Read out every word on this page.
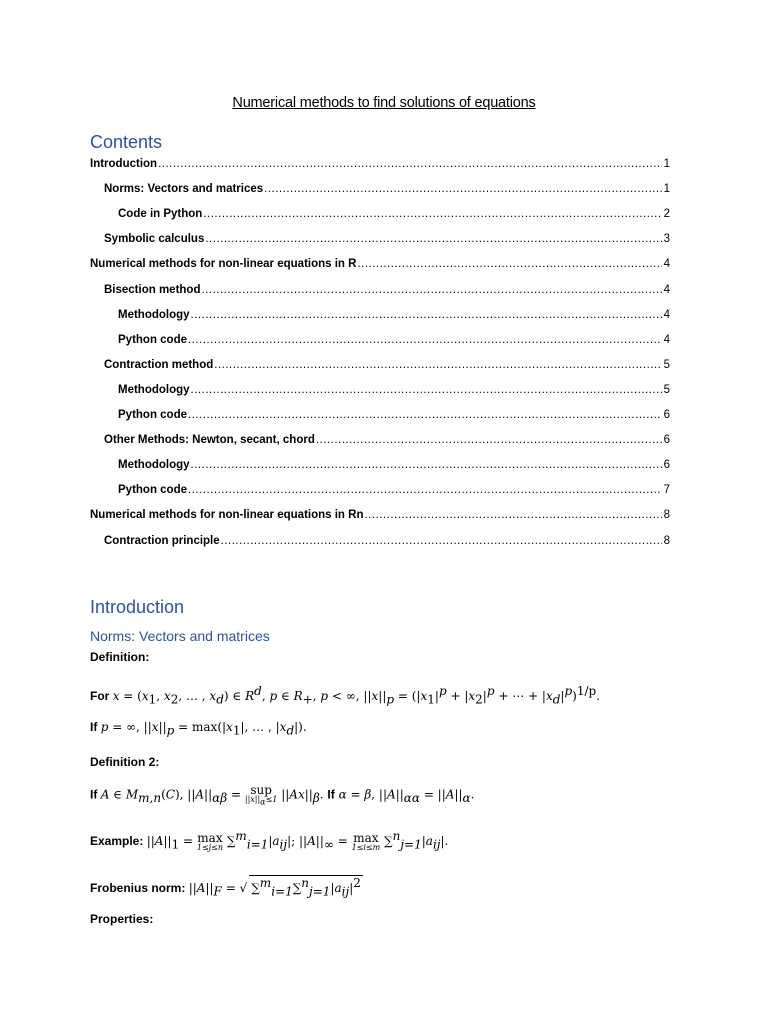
Numerical methods to find solutions of equations
Contents
Introduction .....	1
Norms: Vectors and matrices .....	1
Code in Python .....	2
Symbolic calculus .....	3
Numerical methods for non-linear equations in R .....	4
Bisection method .....	4
Methodology .....	4
Python code .....	4
Contraction method .....	5
Methodology .....	5
Python code .....	6
Other Methods: Newton, secant, chord .....	6
Methodology .....	6
Python code .....	7
Numerical methods for non-linear equations in Rn .....	8
Contraction principle .....	8
Introduction
Norms: Vectors and matrices
Definition:
For $x = (x_1$, $x_2$, … , $x_d$) ∈ $R^d$, p ∈ $R_+$, p < ∞, $||x||_p = (|x_1|^p + |x_2|^p$ + ⋯ + $|x_d|^p)^{1/p}$.
If p = ∞, $||x||_p = \max(|x_1|$, … , $|x_d|$).
Definition 2:
If A ∈ $M_{m,n}(C)$, $||A||_{\alpha\beta}$ = sup
$||x||_\alpha\le 1$ $||Ax||_\beta$. If α = β, $||A||_{\alpha\alpha} = ||A||_\alpha$.
Example: $||A||_1 = \max$
1≤j≤n $\sum^m_{i=1}|a_{ij}|$; $||A||_\infty = \max$
1≤i≤m $\sum^n_{j=1}|a_{ij}|$.
Frobenius norm: $||A||_F$ = √ $\sum^m_{i=1}\sum^n_{j=1}|a_{ij}|^2$
Properties:
